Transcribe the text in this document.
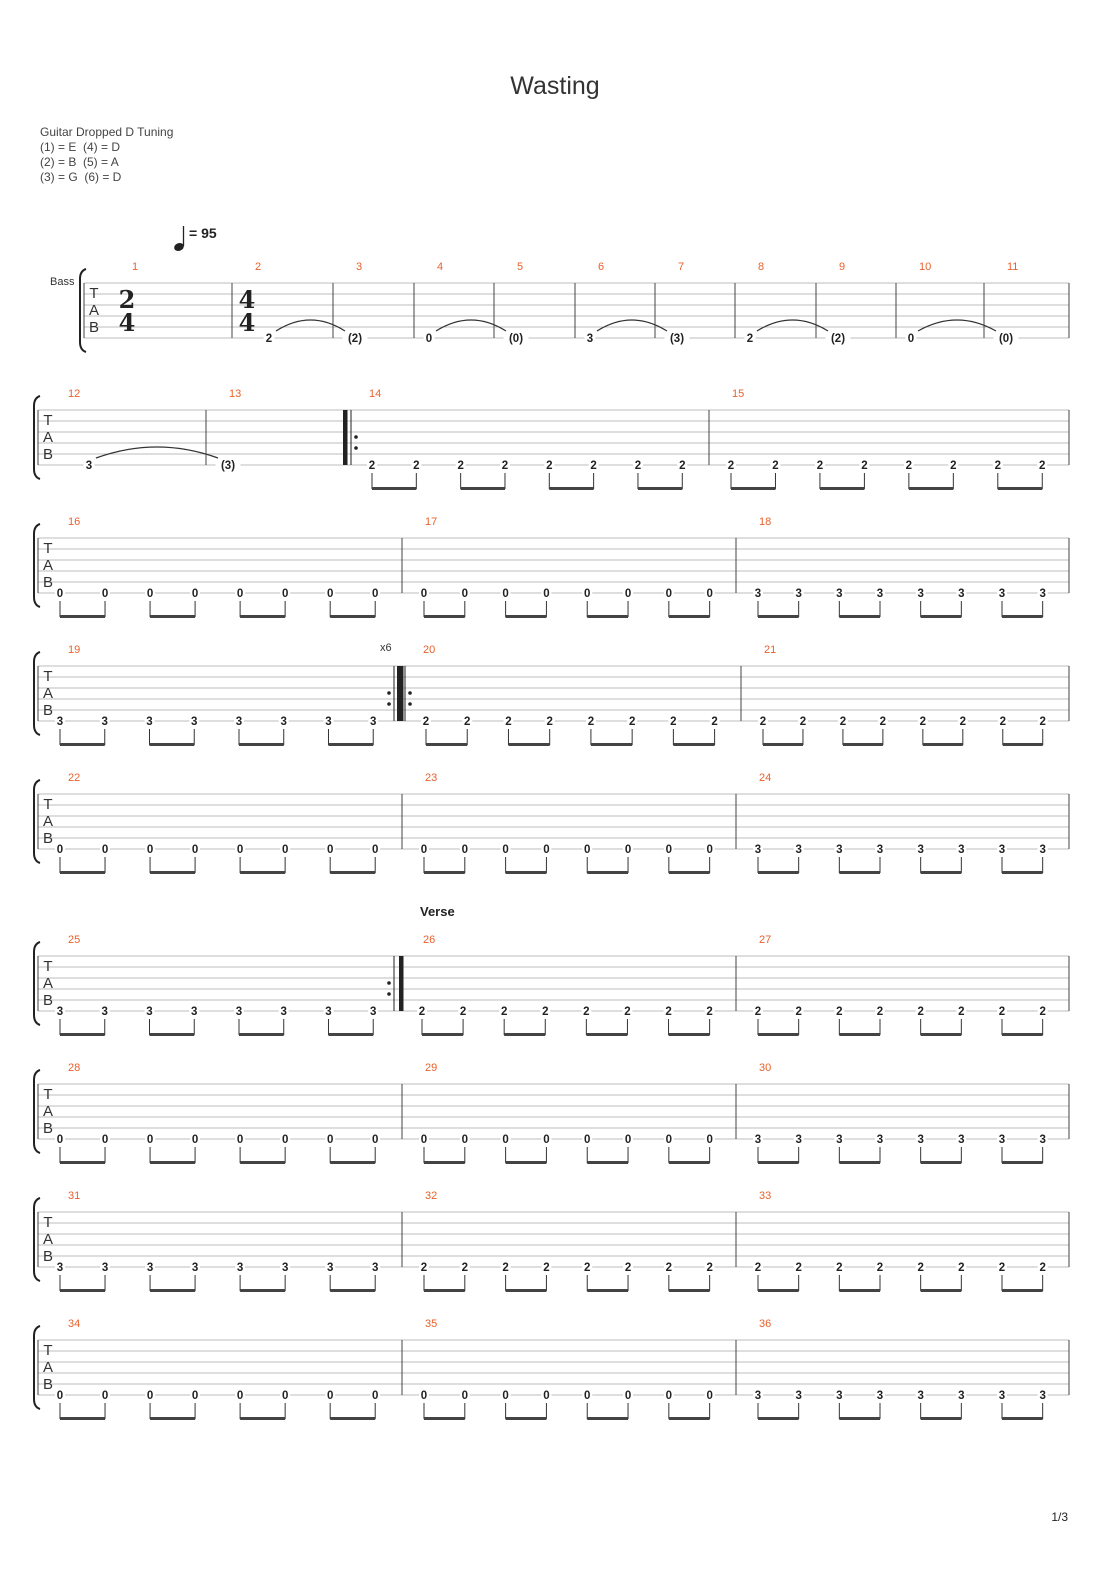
Wasting
Guitar Dropped D Tuning
(1) = E  (4) = D
(2) = B  (5) = A
(3) = G  (6) = D
= 95
Bass
T
A
B
1
2
4
2
4
4
2
3
(2)
4
0
5
(0)
6
3
7
(3)
8
2
9
(2)
10
0
11
(0)
T
A
B
12
3
13
(3)
14
2	2	2	2	2	2	2	2
15
2	2	2	2	2	2	2	2
T
A
B
16
0	0	0	0	0	0	0	0
17
0	0	0	0	0	0	0	0
18
3	3	3	3	3	3	3	3
T
A
B
19	x6
3	3	3	3	3	3	3	3
20
2	2	2	2	2	2	2	2
21
2	2	2	2	2	2	2	2
T
A
B
22
0	0	0	0	0	0	0	0
23
0	0	0	0	0	0	0	0
24
3	3	3	3	3	3	3	3
T
A
B
25
3	3	3	3	3	3	3	3
26
Verse
2	2	2	2	2	2	2	2
27
2	2	2	2	2	2	2	2
T
A
B
28
0	0	0	0	0	0	0	0
29
0	0	0	0	0	0	0	0
30
3	3	3	3	3	3	3	3
T
A
B
31
3	3	3	3	3	3	3	3
32
2	2	2	2	2	2	2	2
33
2	2	2	2	2	2	2	2
T
A
B
34
0	0	0	0	0	0	0	0
35
0	0	0	0	0	0	0	0
36
3	3	3	3	3	3	3	3
1/3
